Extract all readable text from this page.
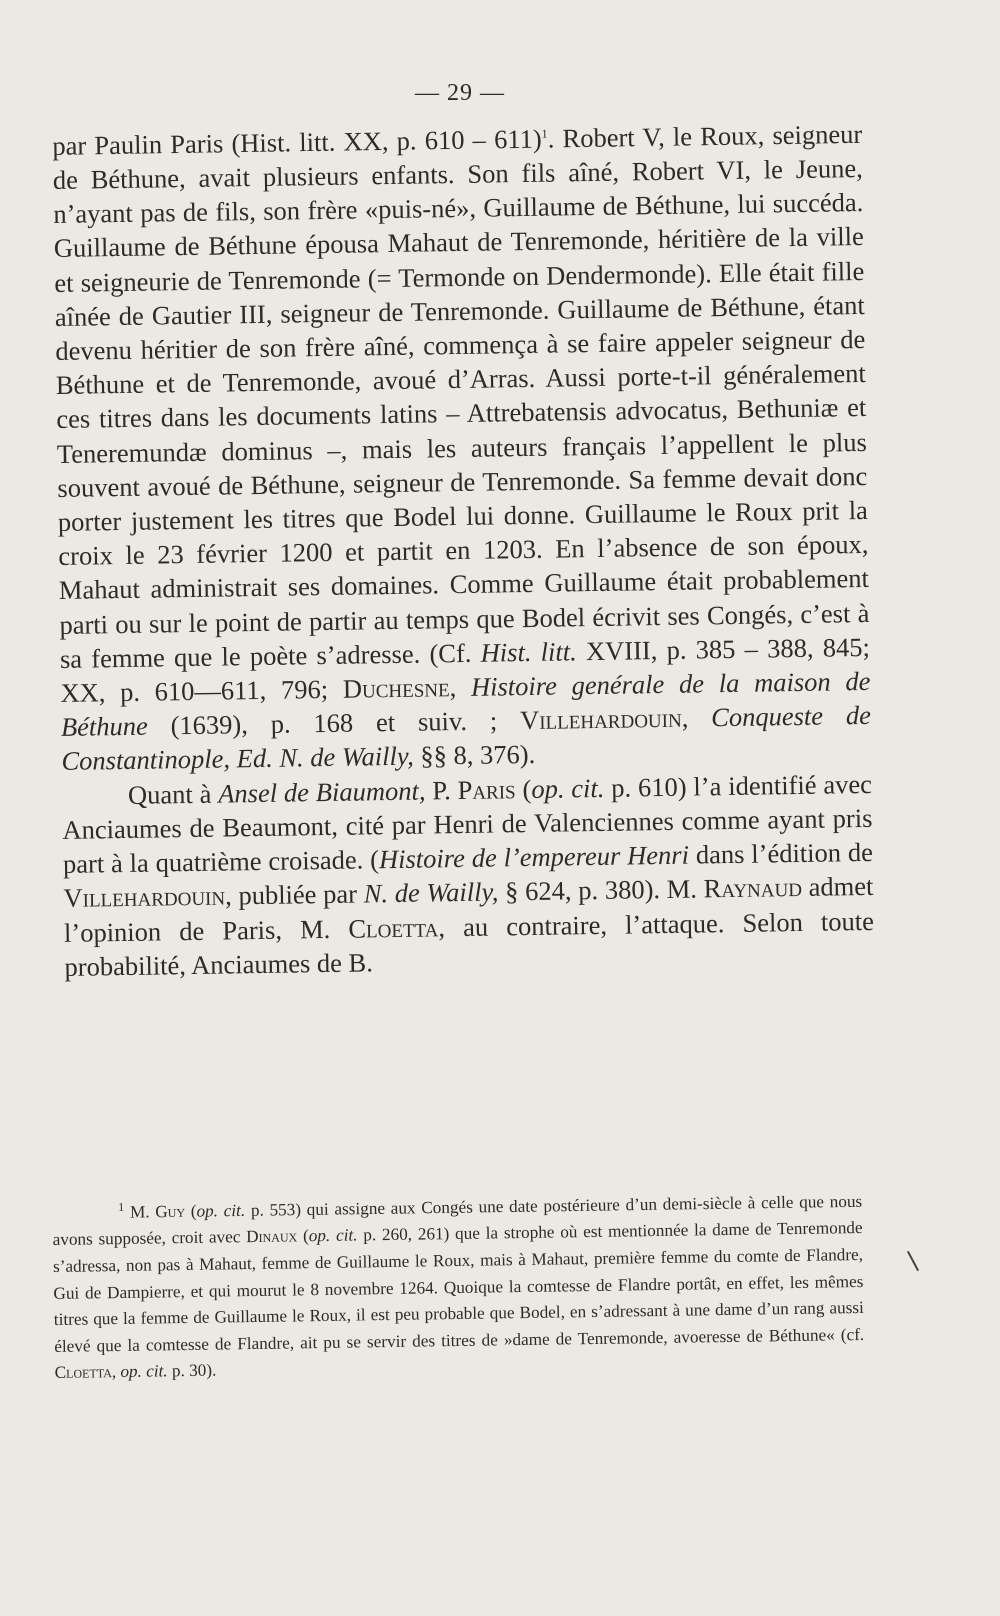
— 29 —

par Paulin Paris (Hist. litt. XX, p. 610 – 611)$^1$. Robert V, le Roux, seigneur de Béthune, avait plusieurs enfants. Son fils aîné, Robert VI, le Jeune, n’ayant pas de fils, son frère «puis-né», Guillaume de Béthune, lui succéda. Guillaume de Béthune épousa Mahaut de Tenremonde, héritière de la ville et seigneurie de Tenremonde (= Termonde on Dendermonde). Elle était fille aînée de Gautier III, seigneur de Tenremonde. Guillaume de Béthune, étant devenu héritier de son frère aîné, commença à se faire appeler seigneur de Béthune et de Tenremonde, avoué d’Arras. Aussi porte-t-il généralement ces titres dans les documents latins – Attrebatensis advocatus, Bethuniæ et Teneremundæ dominus –, mais les auteurs français l’appellent le plus souvent avoué de Béthune, seigneur de Tenremonde. Sa femme devait donc porter justement les titres que Bodel lui donne. Guillaume le Roux prit la croix le 23 février 1200 et partit en 1203. En l’absence de son époux, Mahaut administrait ses domaines. Comme Guillaume était probablement parti ou sur le point de partir au temps que Bodel écrivit ses Congés, c’est à sa femme que le poète s’adresse. (Cf. Hist. litt. XVIII, p. 385 – 388, 845; XX, p. 610—611, 796; Duchesne, Histoire genérale de la maison de Béthune (1639), p. 168 et suiv. ; Villehardouin, Conqueste de Constantinople, Ed. N. de Wailly, §§ 8, 376).

Quant à Ansel de Biaumont, P. Paris (op. cit. p. 610) l’a identifié avec Anciaumes de Beaumont, cité par Henri de Valenciennes comme ayant pris part à la quatrième croisade. (Histoire de l’empereur Henri dans l’édition de Villehardouin, publiée par N. de Wailly, § 624, p. 380). M. Raynaud admet l’opinion de Paris, M. Cloetta, au contraire, l’attaque. Selon toute probabilité, Anciaumes de B.

$^1$ M. Guy (op. cit. p. 553) qui assigne aux Congés une date postérieure d’un demi-siècle à celle que nous avons supposée, croit avec Dinaux (op. cit. p. 260, 261) que la strophe où est mentionnée la dame de Tenremonde s’adressa, non pas à Mahaut, femme de Guillaume le Roux, mais à Mahaut, première femme du comte de Flandre, Gui de Dampierre, et qui mourut le 8 novembre 1264. Quoique la comtesse de Flandre portât, en effet, les mêmes titres que la femme de Guillaume le Roux, il est peu probable que Bodel, en s’adressant à une dame d’un rang aussi élevé que la comtesse de Flandre, ait pu se servir des titres de »dame de Tenremonde, avoeresse de Béthune« (cf. Cloetta, op. cit. p. 30).
